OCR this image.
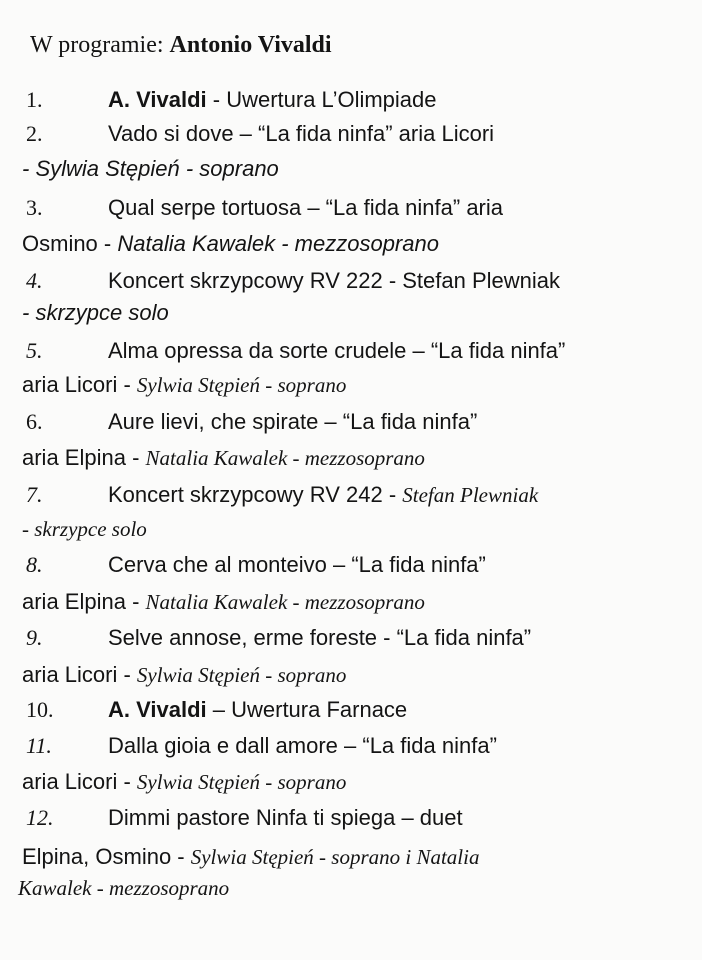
W programie: Antonio Vivaldi
1.	A. Vivaldi - Uwertura L’Olimpiade
2.	Vado si dove – “La fida ninfa” aria Licori
- Sylwia Stępień - soprano
3.	Qual serpe tortuosa – “La fida ninfa” aria
Osmino - Natalia Kawalek - mezzosoprano
4.	Koncert skrzypcowy RV 222 - Stefan Plewniak
- skrzypce solo
5.	Alma opressa da sorte crudele – “La fida ninfa”
aria Licori - Sylwia Stępień - soprano
6.	Aure lievi, che spirate – “La fida ninfa”
aria Elpina - Natalia Kawalek - mezzosoprano
7.	Koncert skrzypcowy RV 242 - Stefan Plewniak
- skrzypce solo
8.	Cerva che al monteivo – “La fida ninfa”
aria Elpina - Natalia Kawalek - mezzosoprano
9.	Selve annose, erme foreste - “La fida ninfa”
aria Licori - Sylwia Stępień - soprano
10. A. Vivaldi – Uwertura Farnace
11.	Dalla gioia e dall amore – “La fida ninfa”
aria Licori - Sylwia Stępień - soprano
12. Dimmi pastore Ninfa ti spiega – duet
Elpina, Osmino - Sylwia Stępień - soprano i Natalia
Kawalek - mezzosoprano
